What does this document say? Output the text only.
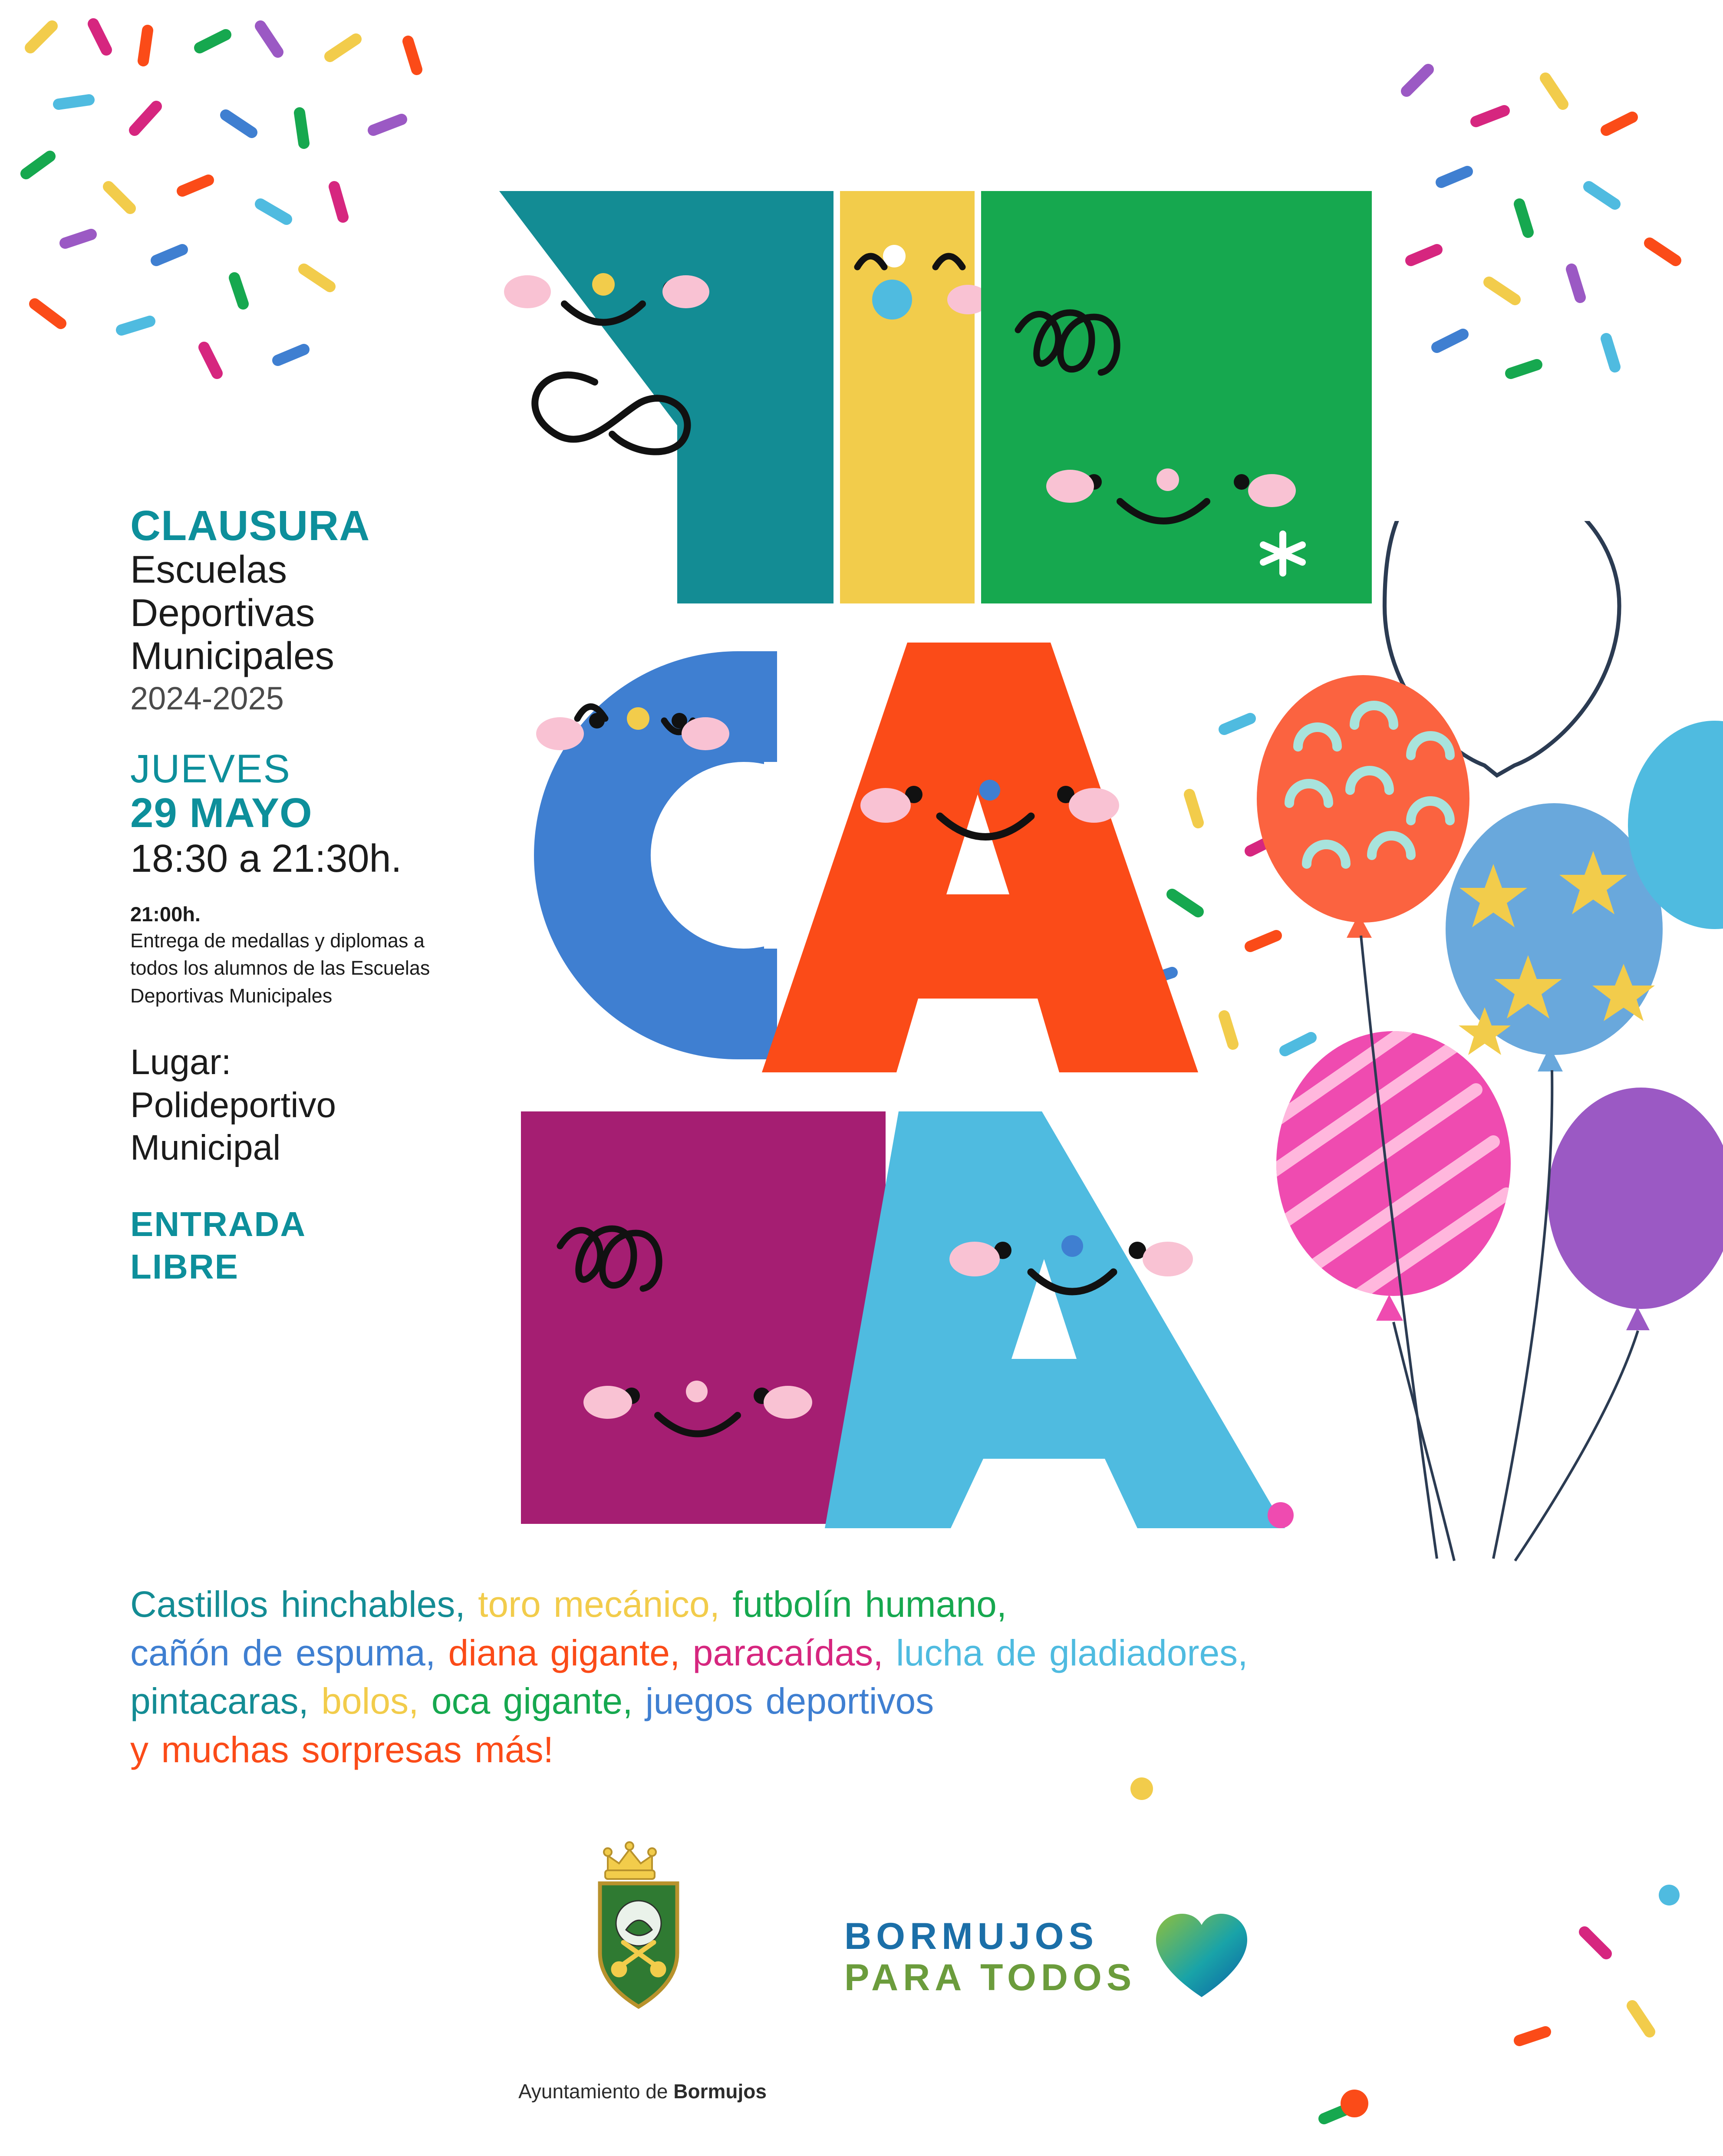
CLAUSURA
Escuelas
Deportivas
Municipales
2024-2025
JUEVES
29 MAYO
18:30 a 21:30h.
21:00h.
Entrega de medallas y diplomas a todos los alumnos de las Escuelas Deportivas Municipales
Lugar:
Polideportivo
Municipal
ENTRADA
LIBRE
Castillos hinchables, toro mecánico, futbolín humano, cañón de espuma, diana gigante, paracaídas, lucha de gladiadores, pintacaras, bolos, oca gigante, juegos deportivos y muchas sorpresas más!
Ayuntamiento de Bormujos
BORMUJOS
PARA TODOS
